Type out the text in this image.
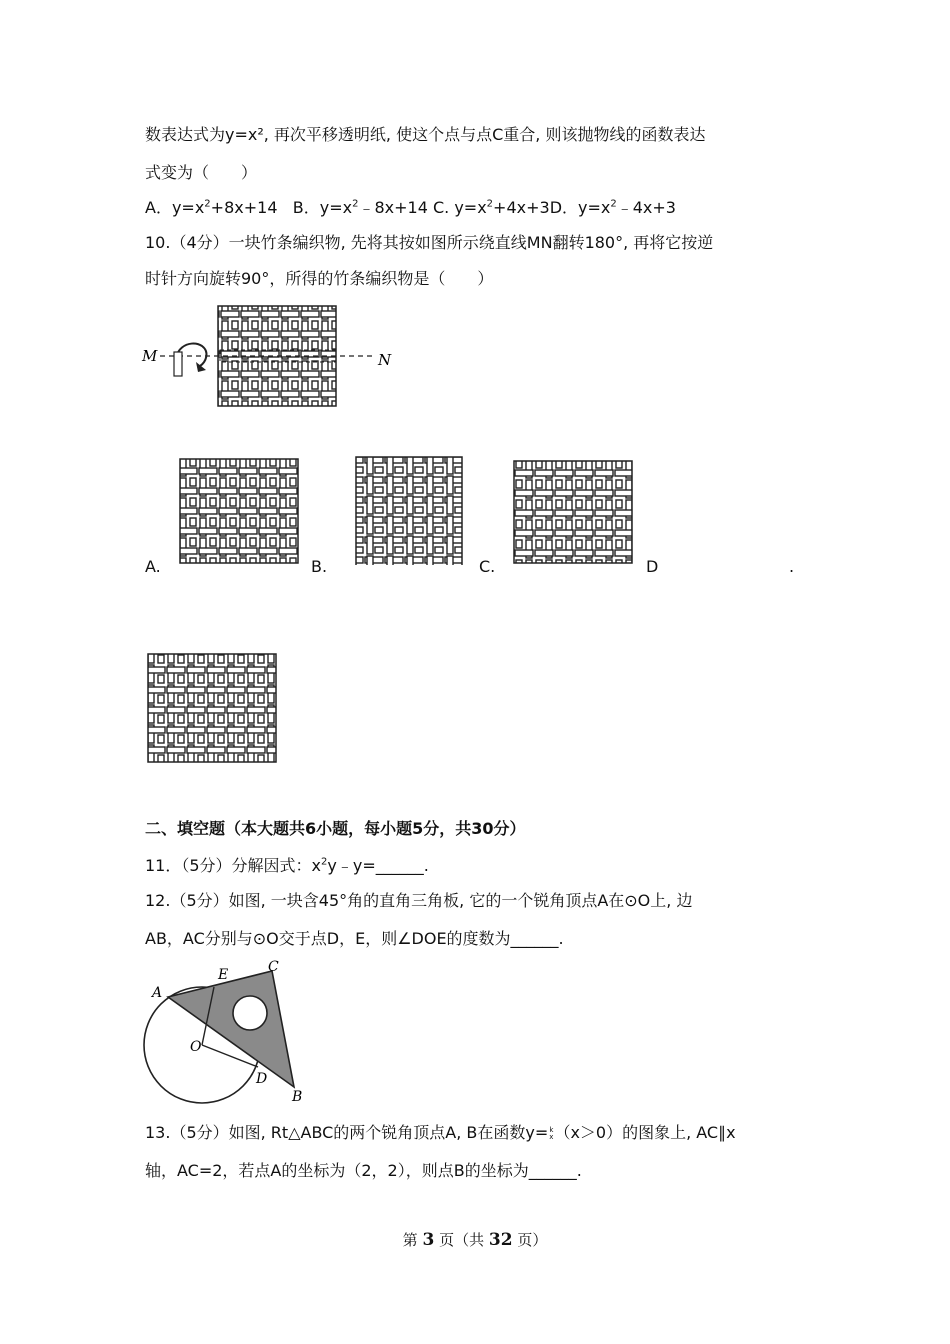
数表达式为y=x², 再次平移透明纸, 使这个点与点C重合, 则该抛物线的函数表达
式变为（　　）
A．$y=x^2+8x+14$ B．$y=x^2﹣8x+14$ C. $y=x^2+4x+3D$．$y=x^2﹣4x+3$
10.（4分）一块竹条编织物, 先将其按如图所示绕直线MN翻转180°, 再将它按逆
时针方向旋转90°，所得的竹条编织物是（　　）
M	N
A.	B.	C.	D	.
二、填空题（本大题共6小题，每小题5分，共30分）
11．（5分）分解因式：$x^2y﹣y=\_\_\_\_\_\_$.
12.（5分）如图, 一块含45°角的直角三角板, 它的一个锐角顶点A在⊙O上, 边
AB，AC分别与⊙O交于点D，E，则∠DOE的度数为______.
A
E	C
O
D
B
13.（5分）如图, Rt△ABC的两个锐角顶点A, B在函数y= k
x （x＞0）的图象上, AC∥x
轴，AC=2，若点A的坐标为（2，2），则点B的坐标为______.
第 3 页（共 32 页）
